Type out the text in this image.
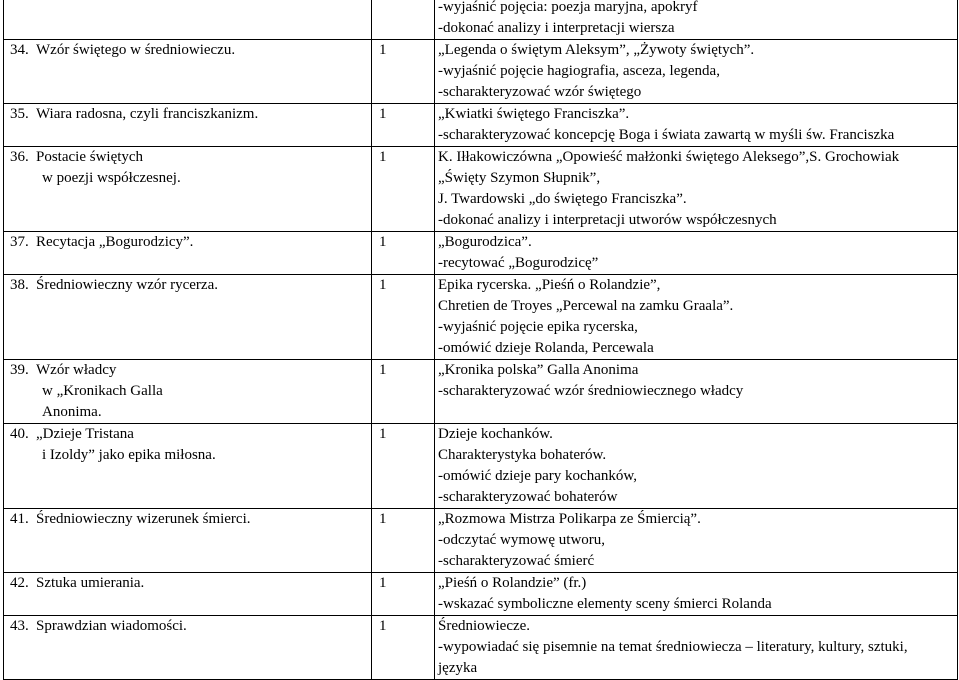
		-wyjaśnić pojęcia: poezja maryjna, apokryf
-dokonać analizy i interpretacji wiersza

34. Wzór świętego w średniowieczu.	1	„Legenda o świętym Aleksym”, „Żywoty świętych”.
-wyjaśnić pojęcie hagiografia, asceza, legenda,
-scharakteryzować wzór świętego

35. Wiara radosna, czyli franciszkanizm.	1	„Kwiatki świętego Franciszka”.
-scharakteryzować koncepcję Boga i świata zawartą w myśli św. Franciszka

36. Postacie świętych
w poezji współczesnej.	1	K. Iłłakowiczówna „Opowieść małżonki świętego Aleksego”,S. Grochowiak
„Święty Szymon Słupnik”,
J. Twardowski „do świętego Franciszka”.
-dokonać analizy i interpretacji utworów współczesnych

37. Recytacja „Bogurodzicy”.	1	„Bogurodzica”.
-recytować „Bogurodzicę”

38. Średniowieczny wzór rycerza.	1	Epika rycerska. „Pieśń o Rolandzie”,
Chretien de Troyes „Percewal na zamku Graala”.
-wyjaśnić pojęcie epika rycerska,
-omówić dzieje Rolanda, Percewala

39. Wzór władcy
w „Kronikach Galla
Anonima.	1	„Kronika polska” Galla Anonima
-scharakteryzować wzór średniowiecznego władcy

40. „Dzieje Tristana
i Izoldy” jako epika miłosna.	1	Dzieje kochanków.
Charakterystyka bohaterów.
-omówić dzieje pary kochanków,
-scharakteryzować bohaterów

41. Średniowieczny wizerunek śmierci.	1	„Rozmowa Mistrza Polikarpa ze Śmiercią”.
-odczytać wymowę utworu,
-scharakteryzować śmierć

42. Sztuka umierania.	1	„Pieśń o Rolandzie” (fr.)
-wskazać symboliczne elementy sceny śmierci Rolanda

43. Sprawdzian wiadomości.	1	Średniowiecze.
-wypowiadać się pisemnie na temat średniowiecza – literatury, kultury, sztuki,
języka
